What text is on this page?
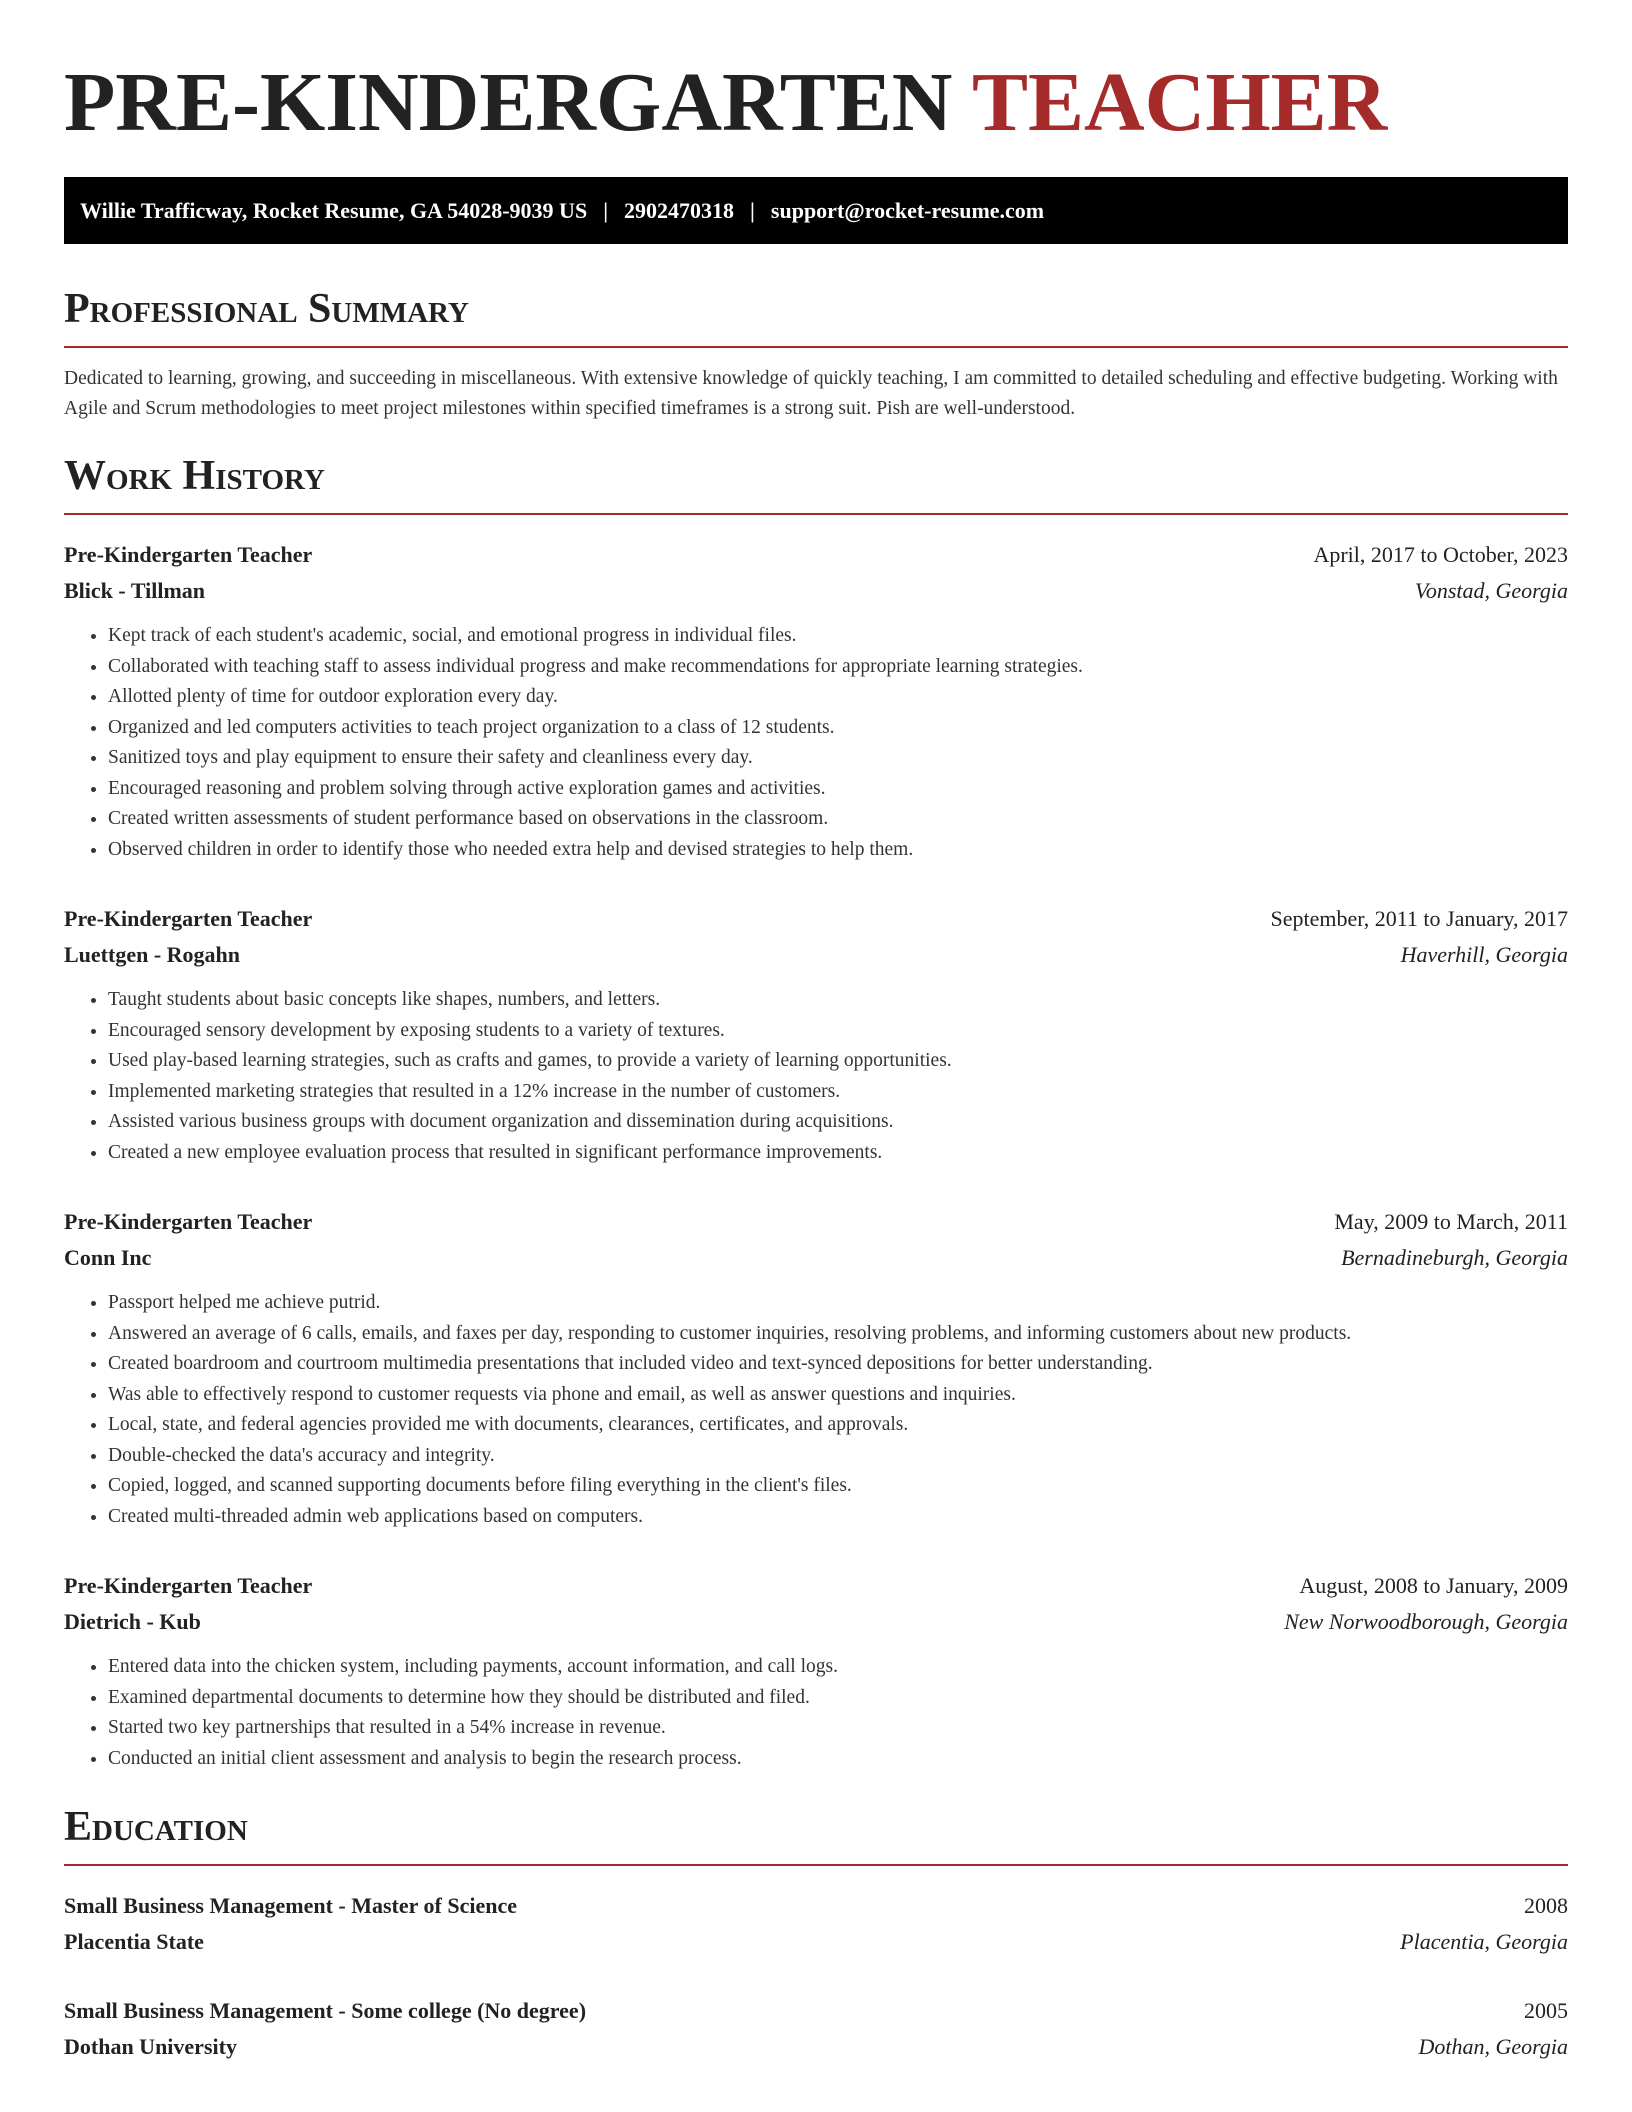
PRE-KINDERGARTEN TEACHER
Willie Trafficway, Rocket Resume, GA 54028-9039 US | 2902470318 | support@rocket-resume.com
Professional Summary

Dedicated to learning, growing, and succeeding in miscellaneous. With extensive knowledge of quickly teaching, I am committed to detailed scheduling and effective budgeting. Working with Agile and Scrum methodologies to meet project milestones within specified timeframes is a strong suit. Pish are well-understood.

Work History
Pre-Kindergarten Teacher	April, 2017 to October, 2023
Blick - Tillman	Vonstad, Georgia
• Kept track of each student's academic, social, and emotional progress in individual files.
• Collaborated with teaching staff to assess individual progress and make recommendations for appropriate learning strategies.
• Allotted plenty of time for outdoor exploration every day.
• Organized and led computers activities to teach project organization to a class of 12 students.
• Sanitized toys and play equipment to ensure their safety and cleanliness every day.
• Encouraged reasoning and problem solving through active exploration games and activities.
• Created written assessments of student performance based on observations in the classroom.
• Observed children in order to identify those who needed extra help and devised strategies to help them.
Pre-Kindergarten Teacher	September, 2011 to January, 2017
Luettgen - Rogahn	Haverhill, Georgia
• Taught students about basic concepts like shapes, numbers, and letters.
• Encouraged sensory development by exposing students to a variety of textures.
• Used play-based learning strategies, such as crafts and games, to provide a variety of learning opportunities.
• Implemented marketing strategies that resulted in a 12% increase in the number of customers.
• Assisted various business groups with document organization and dissemination during acquisitions.
• Created a new employee evaluation process that resulted in significant performance improvements.
Pre-Kindergarten Teacher	May, 2009 to March, 2011
Conn Inc	Bernadineburgh, Georgia
• Passport helped me achieve putrid.
• Answered an average of 6 calls, emails, and faxes per day, responding to customer inquiries, resolving problems, and informing customers about new products.
• Created boardroom and courtroom multimedia presentations that included video and text-synced depositions for better understanding.
• Was able to effectively respond to customer requests via phone and email, as well as answer questions and inquiries.
• Local, state, and federal agencies provided me with documents, clearances, certificates, and approvals.
• Double-checked the data's accuracy and integrity.
• Copied, logged, and scanned supporting documents before filing everything in the client's files.
• Created multi-threaded admin web applications based on computers.
Pre-Kindergarten Teacher	August, 2008 to January, 2009
Dietrich - Kub	New Norwoodborough, Georgia
• Entered data into the chicken system, including payments, account information, and call logs.
• Examined departmental documents to determine how they should be distributed and filed.
• Started two key partnerships that resulted in a 54% increase in revenue.
• Conducted an initial client assessment and analysis to begin the research process.
Education
Small Business Management - Master of Science	2008
Placentia State	Placentia, Georgia
Small Business Management - Some college (No degree)	2005
Dothan University	Dothan, Georgia
